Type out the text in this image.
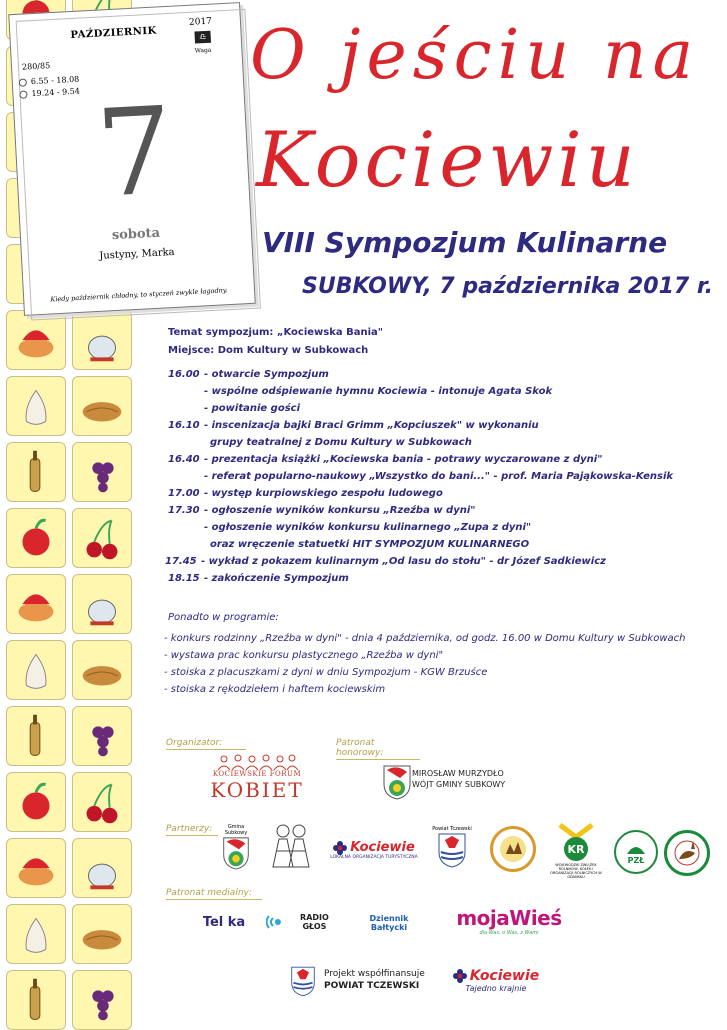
PAŹDZIERNIK
2017
♎
Waga
280/85
6.55 - 18.08
19.24 - 9.54 7
sobota
Justyny, Marka
Kiedy październik chłodny, to styczeń zwykle łagodny.
O jeściu na
Kociewiu
VIII Sympozjum Kulinarne
SUBKOWY, 7 października 2017 r.
Temat sympozjum: „Kociewska Bania"
Miejsce: Dom Kultury w Subkowach
16.00 - otwarcie Sympozjum
- wspólne odśpiewanie hymnu Kociewia - intonuje Agata Skok
- powitanie gości
16.10 - inscenizacja bajki Braci Grimm „Kopciuszek" w wykonaniu
grupy teatralnej z Domu Kultury w Subkowach
16.40 - prezentacja książki „Kociewska bania - potrawy wyczarowane z dyni"
- referat popularno-naukowy „Wszystko do bani..." - prof. Maria Pająkowska-Kensik
17.00 - występ kurpiowskiego zespołu ludowego
17.30 - ogłoszenie wyników konkursu „Rzeźba w dyni"
- ogłoszenie wyników konkursu kulinarnego „Zupa z dyni"
oraz wręczenie statuetki HIT SYMPOZJUM KULINARNEGO
17.45 - wykład z pokazem kulinarnym „Od lasu do stołu" - dr Józef Sadkiewicz
18.15 - zakończenie Sympozjum
Ponadto w programie:
- konkurs rodzinny „Rzeźba w dyni" - dnia 4 października, od godz. 16.00 w Domu Kultury w Subkowach
- wystawa prac konkursu plastycznego „Rzeźba w dyni"
- stoiska z placuszkami z dyni w dniu Sympozjum - KGW Brzuśce
- stoiska z rękodziełem i haftem kociewskim
Organizator:	Patronat honorowy:
KOCIEWSKIE FORUM
KOBIET
MIROSŁAW MURZYDŁO
WÓJT GMINY SUBKOWY
Partnerzy:	Gmina Subkowy
Kociewie
LOKALNA ORGANIZACJA TURYSTYCZNA
Powiat Tczewski
KR
WOJEWÓDZKI ZWIĄZEK ROLNIKÓW, KÓŁEK I ORGANIZACJI ROLNICZYCH W GDAŃSKU
PZŁ
Patronat medialny:
Tel ka	RADIO GŁOS
Dziennik Bałtycki	mojaWieś
dla Was, o Was, z Wami
Projekt współfinansuje
POWIAT TCZEWSKI
Kociewie
Tajedno krajnie
